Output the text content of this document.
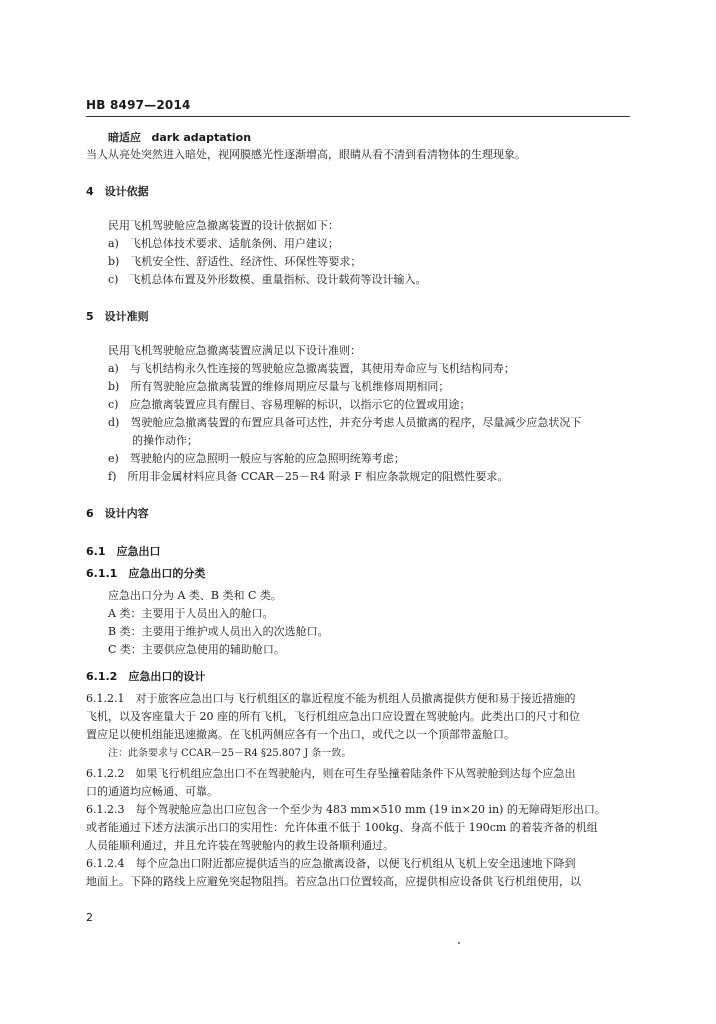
HB 8497—2014
暗适应 dark adaptation
当人从亮处突然进入暗处，视网膜感光性逐渐增高，眼睛从看不清到看清物体的生理现象。
4　设计依据
民用飞机驾驶舱应急撤离装置的设计依据如下：
a)　飞机总体技术要求、适航条例、用户建议；
b)　飞机安全性、舒适性、经济性、环保性等要求；
c)　飞机总体布置及外形数模、重量指标、设计载荷等设计输入。
5　设计准则
民用飞机驾驶舱应急撤离装置应满足以下设计准则：
a)　与飞机结构永久性连接的驾驶舱应急撤离装置，其使用寿命应与飞机结构同寿；
b)　所有驾驶舱应急撤离装置的维修周期应尽量与飞机维修周期相同；
c)　应急撤离装置应具有醒目、容易理解的标识，以指示它的位置或用途；
d)　驾驶舱应急撤离装置的布置应具备可达性，并充分考虑人员撤离的程序，尽量减少应急状况下
的操作动作；
e)　驾驶舱内的应急照明一般应与客舱的应急照明统筹考虑；
f)　所用非金属材料应具备 CCAR－25－R4 附录 F 相应条款规定的阻燃性要求。
6　设计内容
6.1　应急出口
6.1.1　应急出口的分类
应急出口分为 A 类、B 类和 C 类。
A 类：主要用于人员出入的舱口。
B 类：主要用于维护或人员出入的次选舱口。
C 类：主要供应急使用的辅助舱口。
6.1.2　应急出口的设计
6.1.2.1　对于旅客应急出口与飞行机组区的靠近程度不能为机组人员撤离提供方便和易于接近措施的
飞机，以及客座量大于 20 座的所有飞机，飞行机组应急出口应设置在驾驶舱内。此类出口的尺寸和位
置应足以使机组能迅速撤离。在飞机两侧应各有一个出口，或代之以一个顶部带盖舱口。
注：此条要求与 CCAR－25－R4 §25.807 J 条一致。
6.1.2.2　如果飞行机组应急出口不在驾驶舱内，则在可生存坠撞着陆条件下从驾驶舱到达每个应急出
口的通道均应畅通、可靠。
6.1.2.3　每个驾驶舱应急出口应包含一个至少为 483 mm×510 mm (19 in×20 in) 的无障碍矩形出口。
或者能通过下述方法演示出口的实用性：允许体重不低于 100kg、身高不低于 190cm 的着装齐备的机组
人员能顺利通过，并且允许装在驾驶舱内的救生设备顺利通过。
6.1.2.4　每个应急出口附近都应提供适当的应急撤离设备，以便飞行机组从飞机上安全迅速地下降到
地面上。下降的路线上应避免突起物阻挡。若应急出口位置较高，应提供相应设备供飞行机组使用，以
2
